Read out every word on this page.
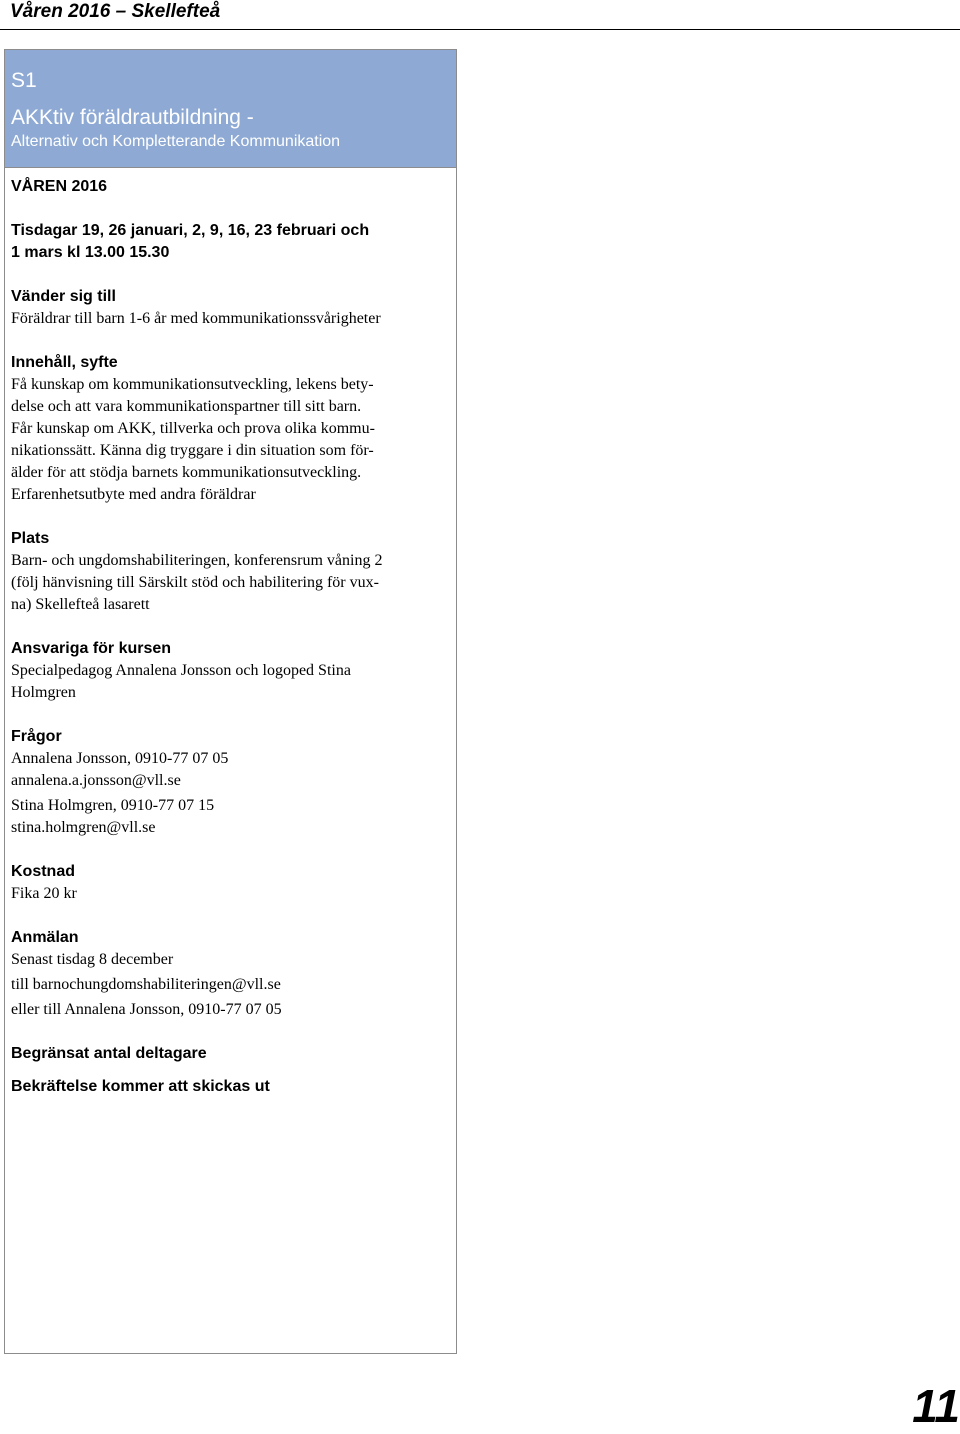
Våren 2016 – Skellefteå
S1
AKKtiv föräldrautbildning -
Alternativ och Kompletterande Kommunikation
VÅREN 2016
Tisdagar 19, 26 januari, 2, 9, 16, 23 februari och
1 mars kl 13.00 15.30
Vänder sig till
Föräldrar till barn 1-6 år med kommunikationssvårigheter
Innehåll, syfte
Få kunskap om kommunikationsutveckling, lekens bety-
delse och att vara kommunikationspartner till sitt barn.
Får kunskap om AKK, tillverka och prova olika kommu-
nikationssätt. Känna dig tryggare i din situation som för-
älder för att stödja barnets kommunikationsutveckling.
Erfarenhetsutbyte med andra föräldrar
Plats
Barn- och ungdomshabiliteringen, konferensrum våning 2
(följ hänvisning till Särskilt stöd och habilitering för vux-
na) Skellefteå lasarett
Ansvariga för kursen
Specialpedagog Annalena Jonsson och logoped Stina
Holmgren
Frågor
Annalena Jonsson, 0910-77 07 05
annalena.a.jonsson@vll.se
Stina Holmgren, 0910-77 07 15
stina.holmgren@vll.se
Kostnad
Fika 20 kr
Anmälan
Senast tisdag 8 december
till barnochungdomshabiliteringen@vll.se
eller till Annalena Jonsson, 0910-77 07 05
Begränsat antal deltagare
Bekräftelse kommer att skickas ut
11
